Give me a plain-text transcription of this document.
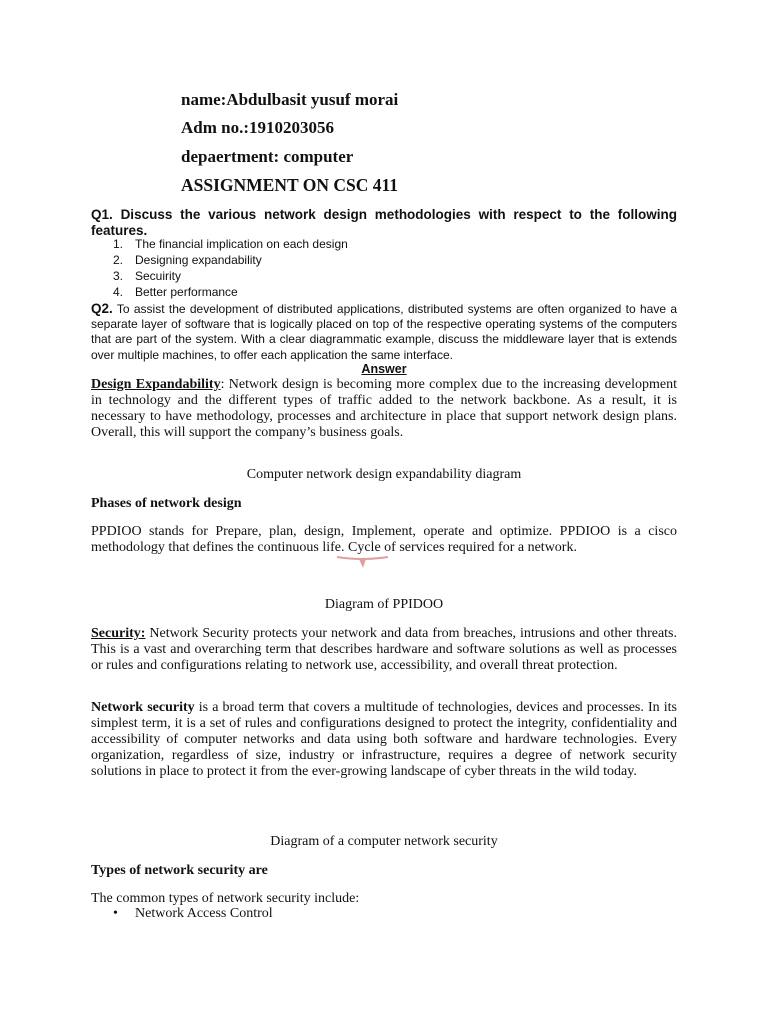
name:Abdulbasit yusuf morai
Adm no.:1910203056
depaertment: computer
ASSIGNMENT ON CSC 411

Q1. Discuss the various network design methodologies with respect to the following features.

1. The financial implication on each design
2. Designing expandability
3. Secuirity
4. Better performance

Q2. To assist the development of distributed applications, distributed systems are often organized to have a separate layer of software that is logically placed on top of the respective operating systems of the computers that are part of the system. With a clear diagrammatic example, discuss the middleware layer that is extends over multiple machines, to offer each application the same interface.

Answer

Design Expandability: Network design is becoming more complex due to the increasing development in technology and the different types of traffic added to the network backbone. As a result, it is necessary to have methodology, processes and architecture in place that support network design plans. Overall, this will support the company’s business goals.

Computer network design expandability diagram
Phases of network design

PPDIOO stands for Prepare, plan, design, Implement, operate and optimize. PPDIOO is a cisco methodology that defines the continuous life. Cycle of services required for a network.

Diagram of PPIDOO

Security: Network Security protects your network and data from breaches, intrusions and other threats. This is a vast and overarching term that describes hardware and software solutions as well as processes or rules and configurations relating to network use, accessibility, and overall threat protection.

Network security is a broad term that covers a multitude of technologies, devices and processes. In its simplest term, it is a set of rules and configurations designed to protect the integrity, confidentiality and accessibility of computer networks and data using both software and hardware technologies. Every organization, regardless of size, industry or infrastructure, requires a degree of network security solutions in place to protect it from the ever-growing landscape of cyber threats in the wild today.

Diagram of a computer network security
Types of network security are
The common types of network security include:
•	Network Access Control
